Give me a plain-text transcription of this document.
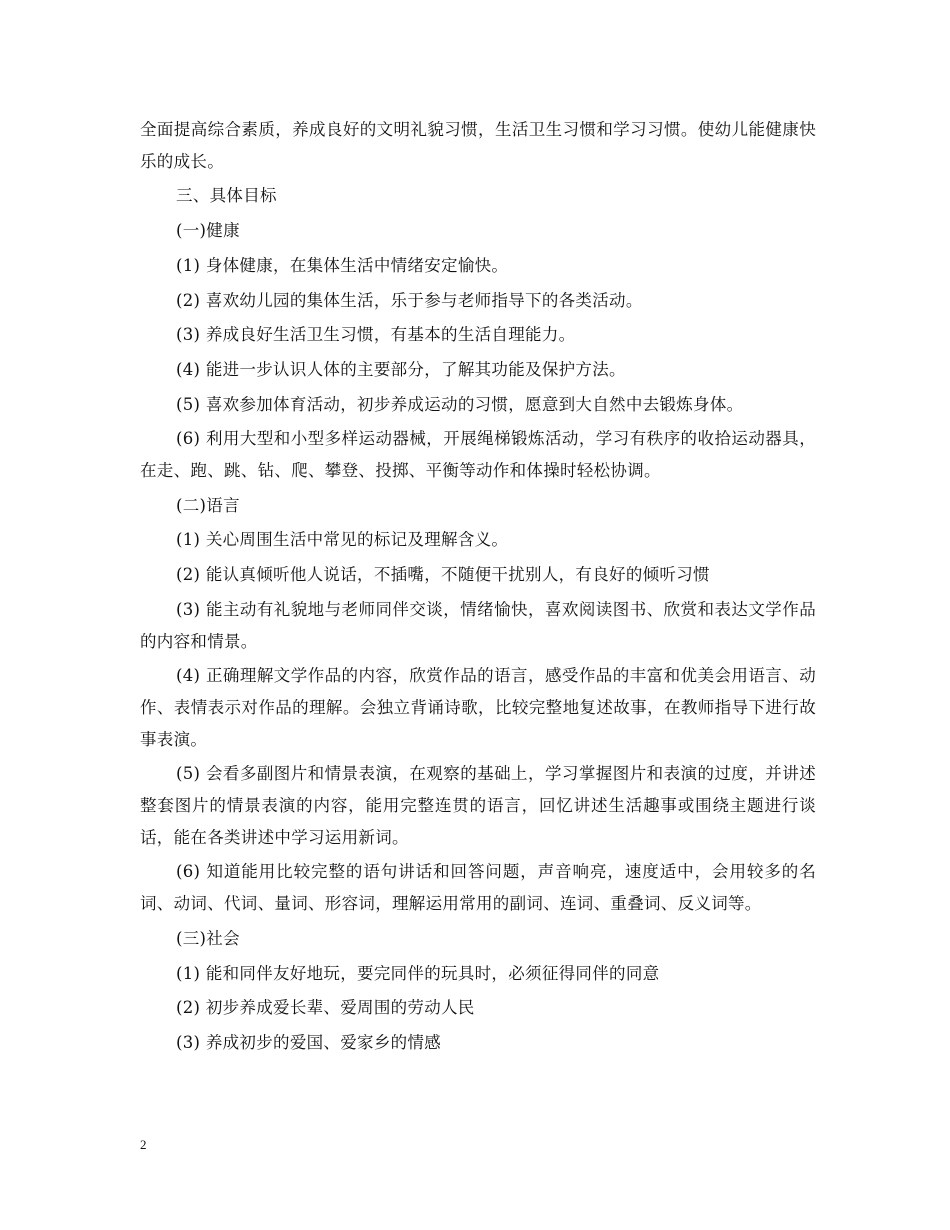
全面提高综合素质，养成良好的文明礼貌习惯，生活卫生习惯和学习习惯。使幼儿能健康快乐的成长。

三、具体目标

(一)健康

(1) 身体健康，在集体生活中情绪安定愉快。

(2) 喜欢幼儿园的集体生活，乐于参与老师指导下的各类活动。

(3) 养成良好生活卫生习惯，有基本的生活自理能力。

(4) 能进一步认识人体的主要部分，了解其功能及保护方法。

(5) 喜欢参加体育活动，初步养成运动的习惯，愿意到大自然中去锻炼身体。

(6) 利用大型和小型多样运动器械，开展绳梯锻炼活动，学习有秩序的收拾运动器具，在走、跑、跳、钻、爬、攀登、投掷、平衡等动作和体操时轻松协调。

(二)语言

(1) 关心周围生活中常见的标记及理解含义。

(2) 能认真倾听他人说话，不插嘴，不随便干扰别人，有良好的倾听习惯

(3) 能主动有礼貌地与老师同伴交谈，情绪愉快，喜欢阅读图书、欣赏和表达文学作品的内容和情景。

(4) 正确理解文学作品的内容，欣赏作品的语言，感受作品的丰富和优美会用语言、动作、表情表示对作品的理解。会独立背诵诗歌，比较完整地复述故事，在教师指导下进行故事表演。

(5) 会看多副图片和情景表演，在观察的基础上，学习掌握图片和表演的过度，并讲述整套图片的情景表演的内容，能用完整连贯的语言，回忆讲述生活趣事或围绕主题进行谈话，能在各类讲述中学习运用新词。

(6) 知道能用比较完整的语句讲话和回答问题，声音响亮，速度适中，会用较多的名词、动词、代词、量词、形容词，理解运用常用的副词、连词、重叠词、反义词等。

(三)社会

(1) 能和同伴友好地玩，要完同伴的玩具时，必须征得同伴的同意

(2) 初步养成爱长辈、爱周围的劳动人民

(3) 养成初步的爱国、爱家乡的情感

2
